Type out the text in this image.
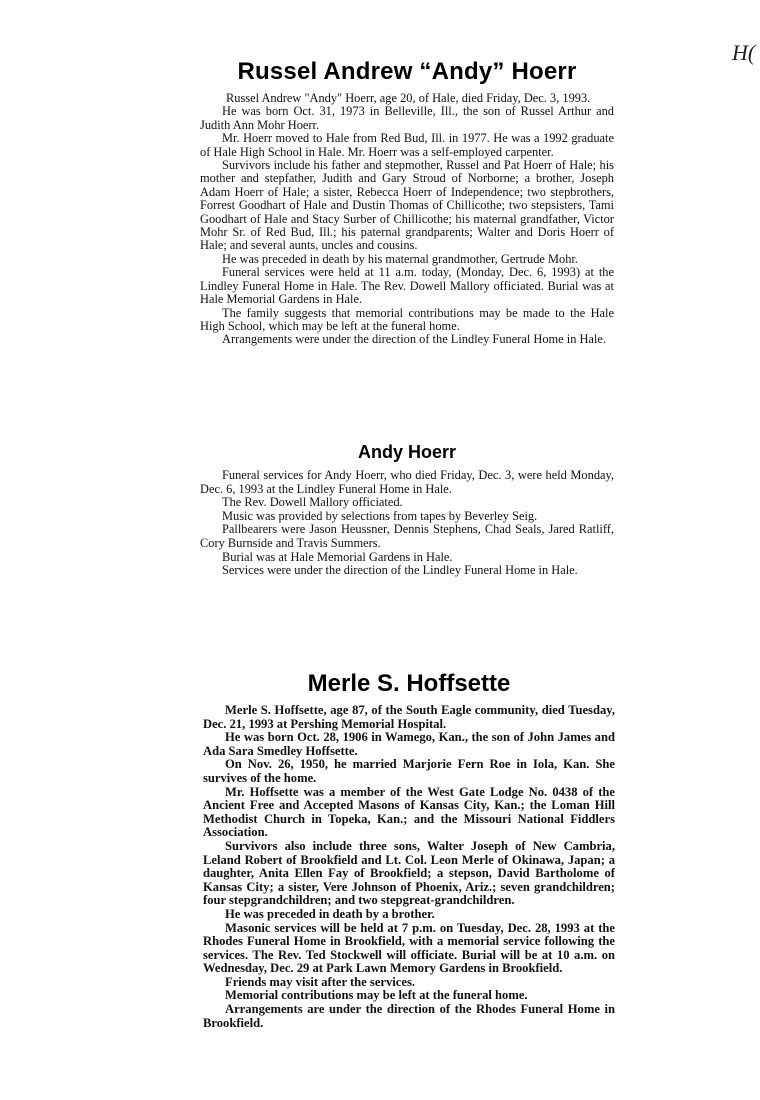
H(
Russel Andrew “Andy” Hoerr

Russel Andrew "Andy" Hoerr, age 20, of Hale, died Friday, Dec. 3, 1993.

He was born Oct. 31, 1973 in Belleville, Ill., the son of Russel Arthur and Judith Ann Mohr Hoerr.

Mr. Hoerr moved to Hale from Red Bud, Ill. in 1977. He was a 1992 graduate of Hale High School in Hale. Mr. Hoerr was a self-employed carpenter.

Survivors include his father and stepmother, Russel and Pat Hoerr of Hale; his mother and stepfather, Judith and Gary Stroud of Norborne; a brother, Joseph Adam Hoerr of Hale; a sister, Rebecca Hoerr of Independence; two stepbrothers, Forrest Goodhart of Hale and Dustin Thomas of Chillicothe; two stepsisters, Tami Goodhart of Hale and Stacy Surber of Chillicothe; his maternal grandfather, Victor Mohr Sr. of Red Bud, Ill.; his paternal grandparents; Walter and Doris Hoerr of Hale; and several aunts, uncles and cousins.

He was preceded in death by his maternal grandmother, Gertrude Mohr.

Funeral services were held at 11 a.m. today, (Monday, Dec. 6, 1993) at the Lindley Funeral Home in Hale. The Rev. Dowell Mallory officiated. Burial was at Hale Memorial Gardens in Hale.

The family suggests that memorial contributions may be made to the Hale High School, which may be left at the funeral home.

Arrangements were under the direction of the Lindley Funeral Home in Hale.

Andy Hoerr

Funeral services for Andy Hoerr, who died Friday, Dec. 3, were held Monday, Dec. 6, 1993 at the Lindley Funeral Home in Hale.

The Rev. Dowell Mallory officiated.

Music was provided by selections from tapes by Beverley Seig.

Pallbearers were Jason Heussner, Dennis Stephens, Chad Seals, Jared Ratliff, Cory Burnside and Travis Summers.

Burial was at Hale Memorial Gardens in Hale.

Services were under the direction of the Lindley Funeral Home in Hale.

Merle S. Hoffsette

Merle S. Hoffsette, age 87, of the South Eagle community, died Tuesday, Dec. 21, 1993 at Pershing Memorial Hospital.

He was born Oct. 28, 1906 in Wamego, Kan., the son of John James and Ada Sara Smedley Hoffsette.

On Nov. 26, 1950, he married Marjorie Fern Roe in Iola, Kan. She survives of the home.

Mr. Hoffsette was a member of the West Gate Lodge No. 0438 of the Ancient Free and Accepted Masons of Kansas City, Kan.; the Loman Hill Methodist Church in Topeka, Kan.; and the Missouri National Fiddlers Association.

Survivors also include three sons, Walter Joseph of New Cambria, Leland Robert of Brookfield and Lt. Col. Leon Merle of Okinawa, Japan; a daughter, Anita Ellen Fay of Brookfield; a stepson, David Bartholome of Kansas City; a sister, Vere Johnson of Phoenix, Ariz.; seven grandchildren; four stepgrandchildren; and two stepgreat-grandchildren.

He was preceded in death by a brother.

Masonic services will be held at 7 p.m. on Tuesday, Dec. 28, 1993 at the Rhodes Funeral Home in Brookfield, with a memorial service following the services. The Rev. Ted Stockwell will officiate. Burial will be at 10 a.m. on Wednesday, Dec. 29 at Park Lawn Memory Gardens in Brookfield.

Friends may visit after the services.

Memorial contributions may be left at the funeral home.

Arrangements are under the direction of the Rhodes Funeral Home in Brookfield.
